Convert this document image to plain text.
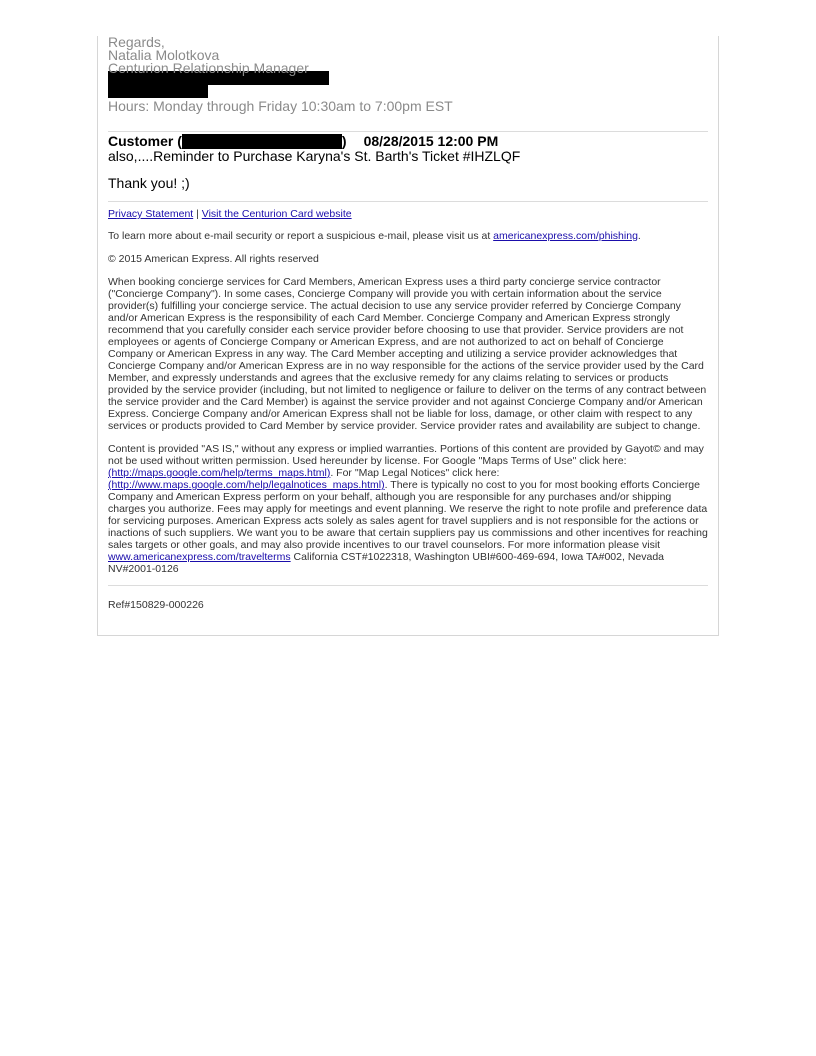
Regards,
Natalia Molotkova
Centurion Relationship Manager
Hours: Monday through Friday 10:30am to 7:00pm EST
Customer (	) 08/28/2015 12:00 PM
also,....Reminder to Purchase Karyna's St. Barth's Ticket #IHZLQF
Thank you! ;)
Privacy Statement | Visit the Centurion Card website

To learn more about e-mail security or report a suspicious e-mail, please visit us at americanexpress.com/phishing.

© 2015 American Express. All rights reserved

When booking concierge services for Card Members, American Express uses a third party concierge service contractor ("Concierge Company"). In some cases, Concierge Company will provide you with certain information about the service provider(s) fulfilling your concierge service. The actual decision to use any service provider referred by Concierge Company and/or American Express is the responsibility of each Card Member. Concierge Company and American Express strongly recommend that you carefully consider each service provider before choosing to use that provider. Service providers are not employees or agents of Concierge Company or American Express, and are not authorized to act on behalf of Concierge Company or American Express in any way. The Card Member accepting and utilizing a service provider acknowledges that Concierge Company and/or American Express are in no way responsible for the actions of the service provider used by the Card Member, and expressly understands and agrees that the exclusive remedy for any claims relating to services or products provided by the service provider (including, but not limited to negligence or failure to deliver on the terms of any contract between the service provider and the Card Member) is against the service provider and not against Concierge Company and/or American Express. Concierge Company and/or American Express shall not be liable for loss, damage, or other claim with respect to any services or products provided to Card Member by service provider. Service provider rates and availability are subject to change.

Content is provided "AS IS," without any express or implied warranties. Portions of this content are provided by Gayot© and may not be used without written permission. Used hereunder by license. For Google "Maps Terms of Use" click here: (http://maps.google.com/help/terms_maps.html). For "Map Legal Notices" click here: (http://www.maps.google.com/help/legalnotices_maps.html). There is typically no cost to you for most booking efforts Concierge Company and American Express perform on your behalf, although you are responsible for any purchases and/or shipping charges you authorize. Fees may apply for meetings and event planning. We reserve the right to note profile and preference data for servicing purposes. American Express acts solely as sales agent for travel suppliers and is not responsible for the actions or inactions of such suppliers. We want you to be aware that certain suppliers pay us commissions and other incentives for reaching sales targets or other goals, and may also provide incentives to our travel counselors. For more information please visit www.americanexpress.com/travelterms California CST#1022318, Washington UBI#600-469-694, Iowa TA#002, Nevada NV#2001-0126

Ref#150829-000226
